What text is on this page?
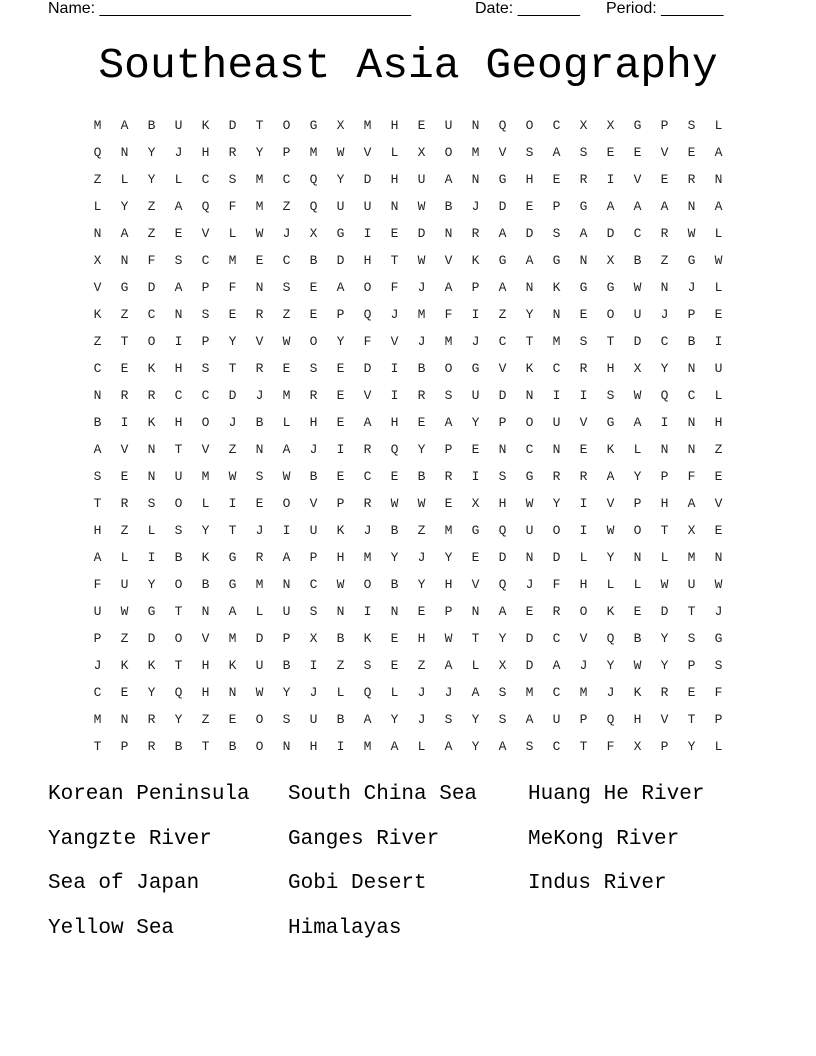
Name: ___________________________________	Date: _______ Period: _______
Southeast Asia Geography
M	A	B	U	K	D	T	O	G	X	M	H	E	U	N	Q	O	C	X	X	G	P	S	L
Q	N	Y	J	H	R	Y	P	M	W	V	L	X	O	M	V	S	A	S	E	E	V	E	A
Z	L	Y	L	C	S	M	C	Q	Y	D	H	U	A	N	G	H	E	R	I	V	E	R	N
L	Y	Z	A	Q	F	M	Z	Q	U	U	N	W	B	J	D	E	P	G	A	A	A	N	A
N	A	Z	E	V	L	W	J	X	G	I	E	D	N	R	A	D	S	A	D	C	R	W	L
X	N	F	S	C	M	E	C	B	D	H	T	W	V	K	G	A	G	N	X	B	Z	G	W
V	G	D	A	P	F	N	S	E	A	O	F	J	A	P	A	N	K	G	G	W	N	J	L
K	Z	C	N	S	E	R	Z	E	P	Q	J	M	F	I	Z	Y	N	E	O	U	J	P	E
Z	T	O	I	P	Y	V	W	O	Y	F	V	J	M	J	C	T	M	S	T	D	C	B	I
C	E	K	H	S	T	R	E	S	E	D	I	B	O	G	V	K	C	R	H	X	Y	N	U
N	R	R	C	C	D	J	M	R	E	V	I	R	S	U	D	N	I	I	S	W	Q	C	L
B	I	K	H	O	J	B	L	H	E	A	H	E	A	Y	P	O	U	V	G	A	I	N	H
A	V	N	T	V	Z	N	A	J	I	R	Q	Y	P	E	N	C	N	E	K	L	N	N	Z
S	E	N	U	M	W	S	W	B	E	C	E	B	R	I	S	G	R	R	A	Y	P	F	E
T	R	S	O	L	I	E	O	V	P	R	W	W	E	X	H	W	Y	I	V	P	H	A	V
H	Z	L	S	Y	T	J	I	U	K	J	B	Z	M	G	Q	U	O	I	W	O	T	X	E
A	L	I	B	K	G	R	A	P	H	M	Y	J	Y	E	D	N	D	L	Y	N	L	M	N
F	U	Y	O	B	G	M	N	C	W	O	B	Y	H	V	Q	J	F	H	L	L	W	U	W
U	W	G	T	N	A	L	U	S	N	I	N	E	P	N	A	E	R	O	K	E	D	T	J
P	Z	D	O	V	M	D	P	X	B	K	E	H	W	T	Y	D	C	V	Q	B	Y	S	G
J	K	K	T	H	K	U	B	I	Z	S	E	Z	A	L	X	D	A	J	Y	W	Y	P	S
C	E	Y	Q	H	N	W	Y	J	L	Q	L	J	J	A	S	M	C	M	J	K	R	E	F
M	N	R	Y	Z	E	O	S	U	B	A	Y	J	S	Y	S	A	U	P	Q	H	V	T	P
T	P	R	B	T	B	O	N	H	I	M	A	L	A	Y	A	S	C	T	F	X	P	Y	L
Korean Peninsula	South China Sea	Huang He River
Yangzte River	Ganges River	MeKong River
Sea of Japan	Gobi Desert	Indus River
Yellow Sea	Himalayas
